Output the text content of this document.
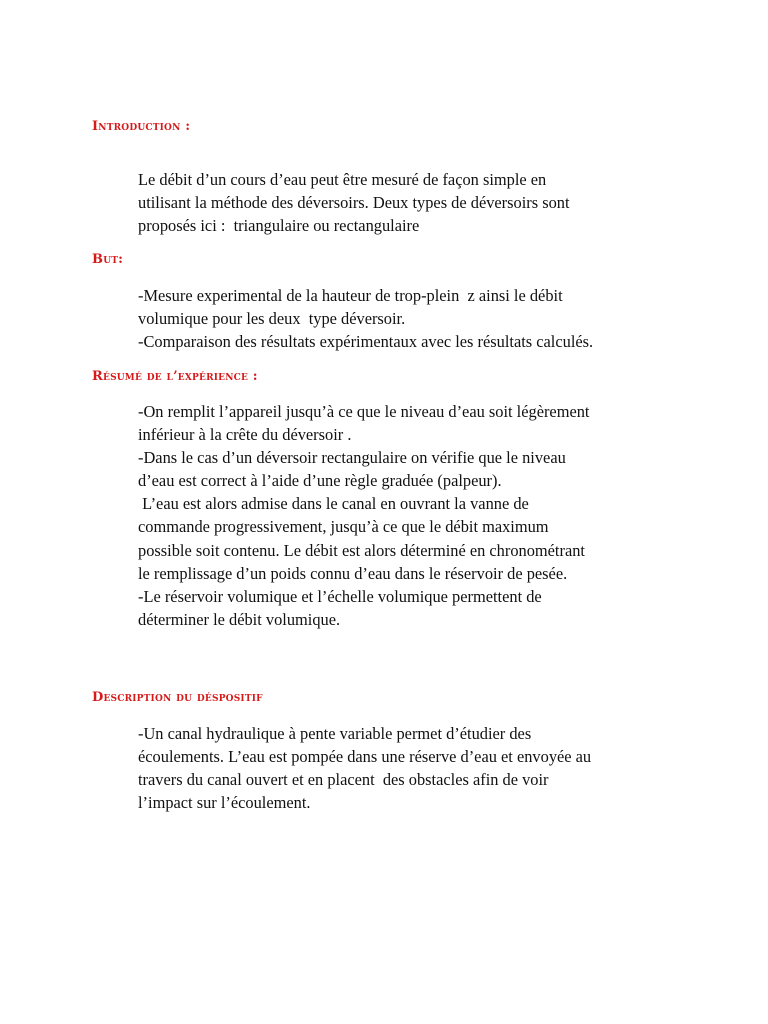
Introduction :
Le débit d’un cours d’eau peut être mesuré de façon simple en
utilisant la méthode des déversoirs. Deux types de déversoirs sont
proposés ici :  triangulaire ou rectangulaire
But:
-Mesure experimental de la hauteur de trop-plein  z ainsi le débit
volumique pour les deux  type déversoir.
-Comparaison des résultats expérimentaux avec les résultats calculés.
Résumé de l’expérience :
-On remplit l’appareil jusqu’à ce que le niveau d’eau soit légèrement
inférieur à la crête du déversoir .
-Dans le cas d’un déversoir rectangulaire on vérifie que le niveau
d’eau est correct à l’aide d’une règle graduée (palpeur).
L’eau est alors admise dans le canal en ouvrant la vanne de
commande progressivement, jusqu’à ce que le débit maximum
possible soit contenu. Le débit est alors déterminé en chronométrant
le remplissage d’un poids connu d’eau dans le réservoir de pesée.
-Le réservoir volumique et l’échelle volumique permettent de
déterminer le débit volumique.
Description du déspositif
-Un canal hydraulique à pente variable permet d’étudier des
écoulements. L’eau est pompée dans une réserve d’eau et envoyée au
travers du canal ouvert et en placent  des obstacles afin de voir
l’impact sur l’écoulement.
